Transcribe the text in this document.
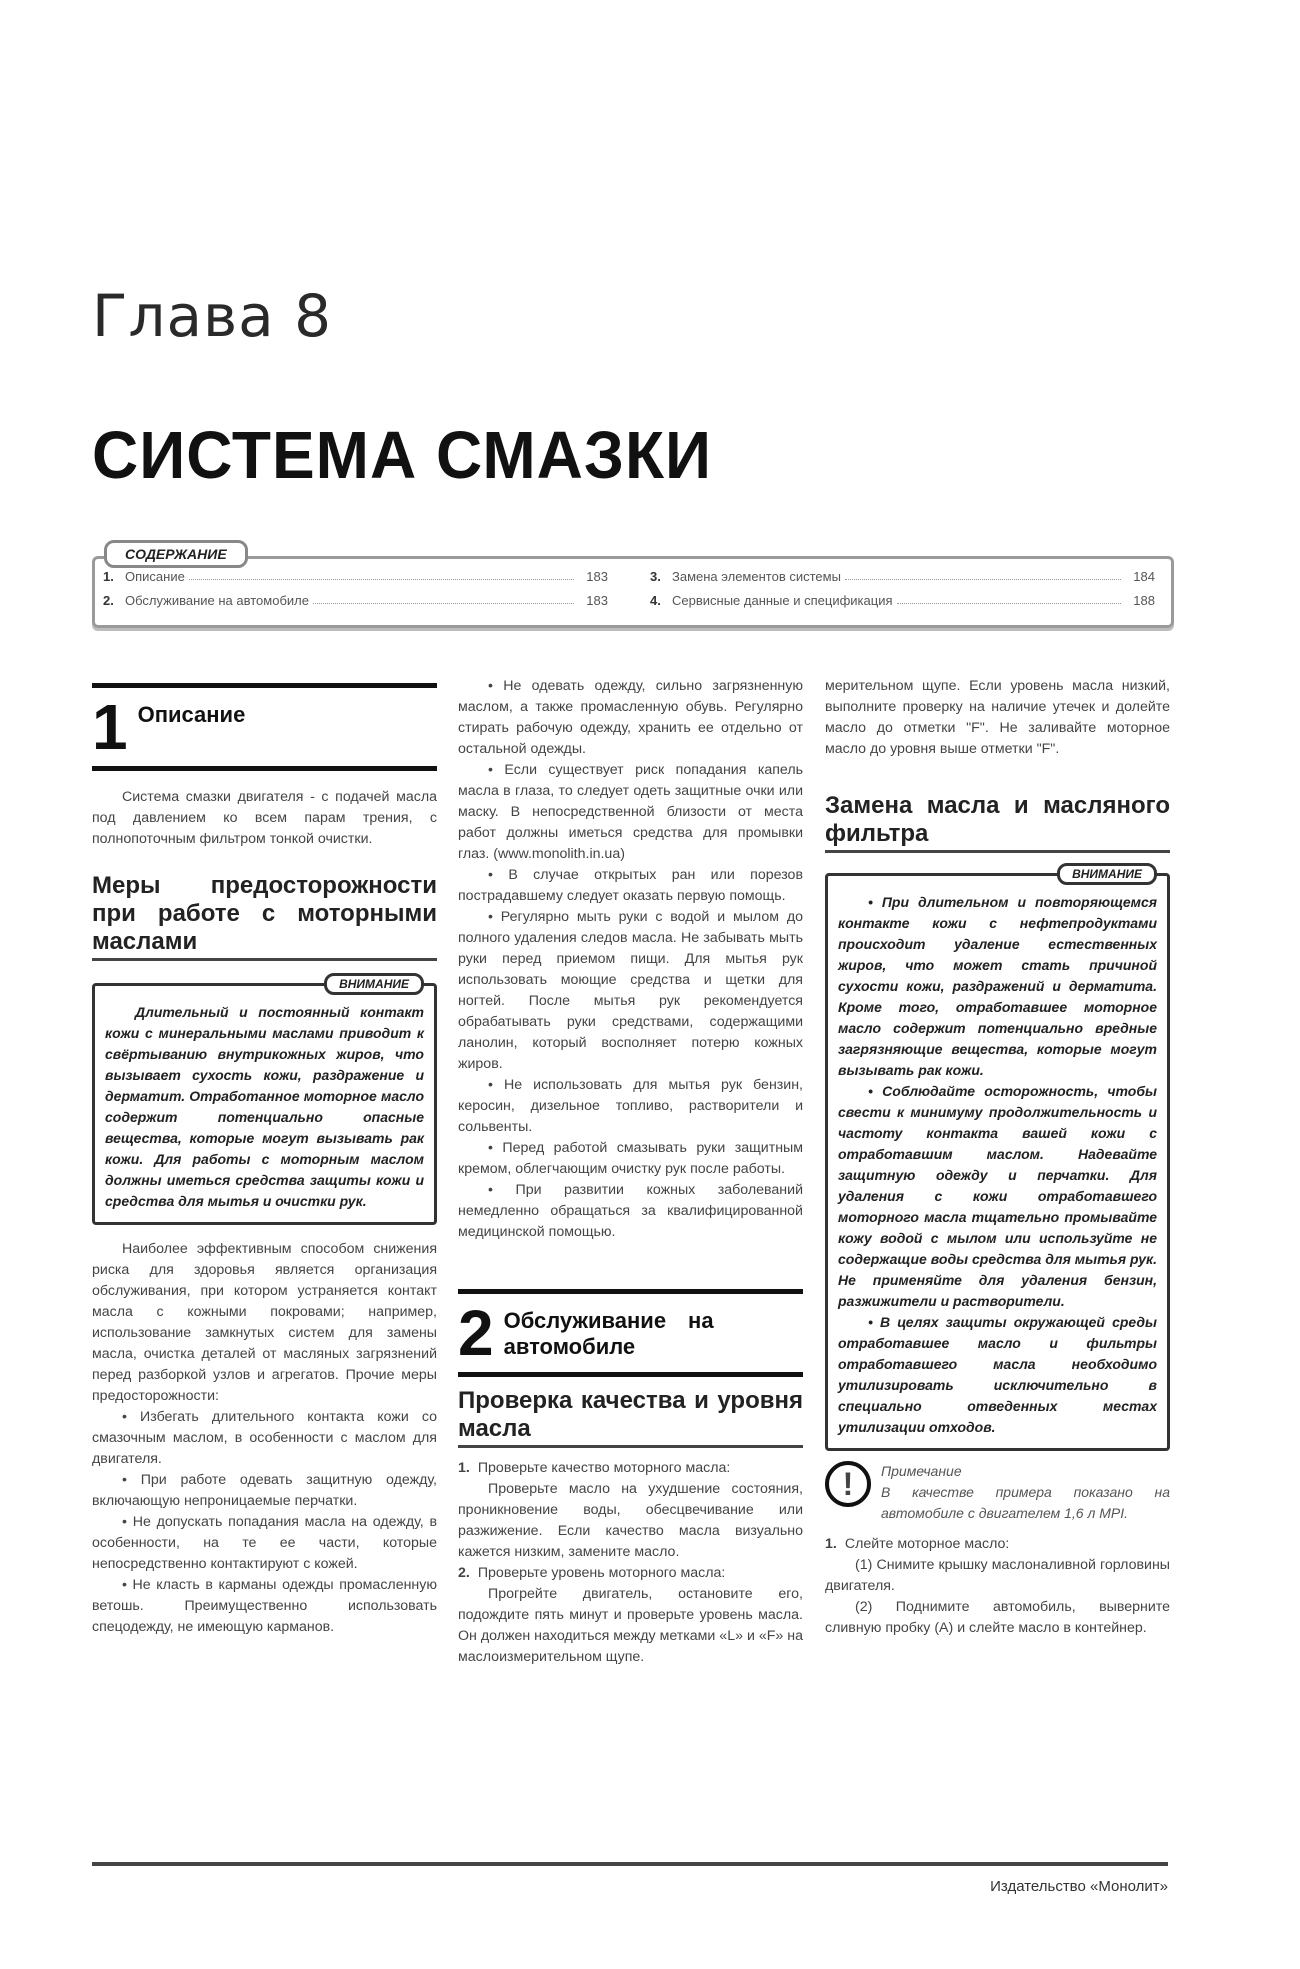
Глава 8
СИСТЕМА СМАЗКИ
1. Описание	183
2. Обслуживание на автомобиле	183
3. Замена элементов системы	184
4. Сервисные данные и спецификация	188
СОДЕРЖАНИЕ
1 Описание

Система смазки двигателя - с подачей масла под давлением ко всем парам трения, с полнопоточным фильтром тонкой очистки.

Меры предосторожности при работе с моторными маслами
ВНИМАНИЕ

Длительный и постоянный контакт кожи с минеральными маслами приводит к свёртыванию внутрикожных жиров, что вызывает сухость кожи, раздражение и дерматит. Отработанное моторное масло содержит потенциально опасные вещества, которые могут вызывать рак кожи. Для работы с моторным маслом должны иметься средства защиты кожи и средства для мытья и очистки рук.

Наиболее эффективным способом снижения риска для здоровья является организация обслуживания, при котором устраняется контакт масла с кожными покровами; например, использование замкнутых систем для замены масла, очистка деталей от масляных загрязнений перед разборкой узлов и агрегатов. Прочие меры предосторожности:

• Избегать длительного контакта кожи со смазочным маслом, в особенности с маслом для двигателя.

• При работе одевать защитную одежду, включающую непроницаемые перчатки.

• Не допускать попадания масла на одежду, в особенности, на те ее части, которые непосредственно контактируют с кожей.

• Не класть в карманы одежды промасленную ветошь. Преимущественно использовать спецодежду, не имеющую карманов.

• Не одевать одежду, сильно загрязненную маслом, а также промасленную обувь. Регулярно стирать рабочую одежду, хранить ее отдельно от остальной одежды.

• Если существует риск попадания капель масла в глаза, то следует одеть защитные очки или маску. В непосредственной близости от места работ должны иметься средства для промывки глаз. (www.monolith.in.ua)

• В случае открытых ран или порезов пострадавшему следует оказать первую помощь.

• Регулярно мыть руки с водой и мылом до полного удаления следов масла. Не забывать мыть руки перед приемом пищи. Для мытья рук использовать моющие средства и щетки для ногтей. После мытья рук рекомендуется обрабатывать руки средствами, содержащими ланолин, который восполняет потерю кожных жиров.

• Не использовать для мытья рук бензин, керосин, дизельное топливо, растворители и сольвенты.

• Перед работой смазывать руки защитным кремом, облегчающим очистку рук после работы.

• При развитии кожных заболеваний немедленно обращаться за квалифицированной медицинской помощью.

2 Обслуживание на автомобиле
Проверка качества и уровня масла
1. Проверьте качество моторного масла:

Проверьте масло на ухудшение состояния, проникновение воды, обесцвечивание или разжижение. Если качество масла визуально кажется низким, замените масло.

2. Проверьте уровень моторного масла:

Прогрейте двигатель, остановите его, подождите пять минут и проверьте уровень масла. Он должен находиться между метками «L» и «F» на маслоизмерительном щупе.

мерительном щупе. Если уровень масла низкий, выполните проверку на наличие утечек и долейте масло до отметки "F". Не заливайте моторное масло до уровня выше отметки "F".

Замена масла и масляного фильтра
ВНИМАНИЕ

• При длительном и повторяющемся контакте кожи с нефтепродуктами происходит удаление естественных жиров, что может стать причиной сухости кожи, раздражений и дерматита. Кроме того, отработавшее моторное масло содержит потенциально вредные загрязняющие вещества, которые могут вызывать рак кожи.

• Соблюдайте осторожность, чтобы свести к минимуму продолжительность и частоту контакта вашей кожи с отработавшим маслом. Надевайте защитную одежду и перчатки. Для удаления с кожи отработавшего моторного масла тщательно промывайте кожу водой с мылом или используйте не содержащие воды средства для мытья рук. Не применяйте для удаления бензин, разжижители и растворители.

• В целях защиты окружающей среды отработавшее масло и фильтры отработавшего масла необходимо утилизировать исключительно в специально отведенных местах утилизации отходов.

!	Примечание
В качестве примера показано на автомобиле с двигателем 1,6 л MPI.
1. Слейте моторное масло:

(1) Снимите крышку маслоналивной горловины двигателя.

(2) Поднимите автомобиль, выверните сливную пробку (A) и слейте масло в контейнер.

Издательство «Монолит»
